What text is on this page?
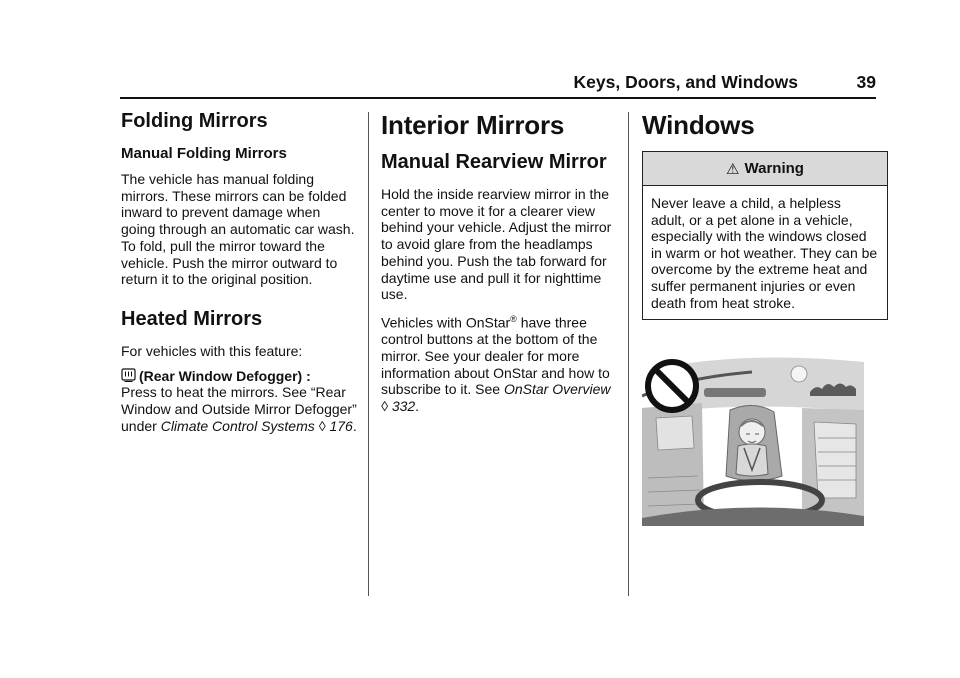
Keys, Doors, and Windows	39
Folding Mirrors
Manual Folding Mirrors

The vehicle has manual folding mirrors. These mirrors can be folded inward to prevent damage when going through an automatic car wash. To fold, pull the mirror toward the vehicle. Push the mirror outward to return it to the original position.

Heated Mirrors

For vehicles with this feature:

(Rear Window Defogger) :
Press to heat the mirrors. See “Rear Window and Outside Mirror Defogger” under Climate Control Systems ◊ 176.

Interior Mirrors
Manual Rearview Mirror

Hold the inside rearview mirror in the center to move it for a clearer view behind your vehicle. Adjust the mirror to avoid glare from the headlamps behind you. Push the tab forward for daytime use and pull it for nighttime use.

Vehicles with OnStar® have three control buttons at the bottom of the mirror. See your dealer for more information about OnStar and how to subscribe to it. See OnStar Overview ◊ 332.

Windows
⚠ Warning
Never leave a child, a helpless adult, or a pet alone in a vehicle, especially with the windows closed in warm or hot weather. They can be overcome by the extreme heat and suffer permanent injuries or even death from heat stroke.
